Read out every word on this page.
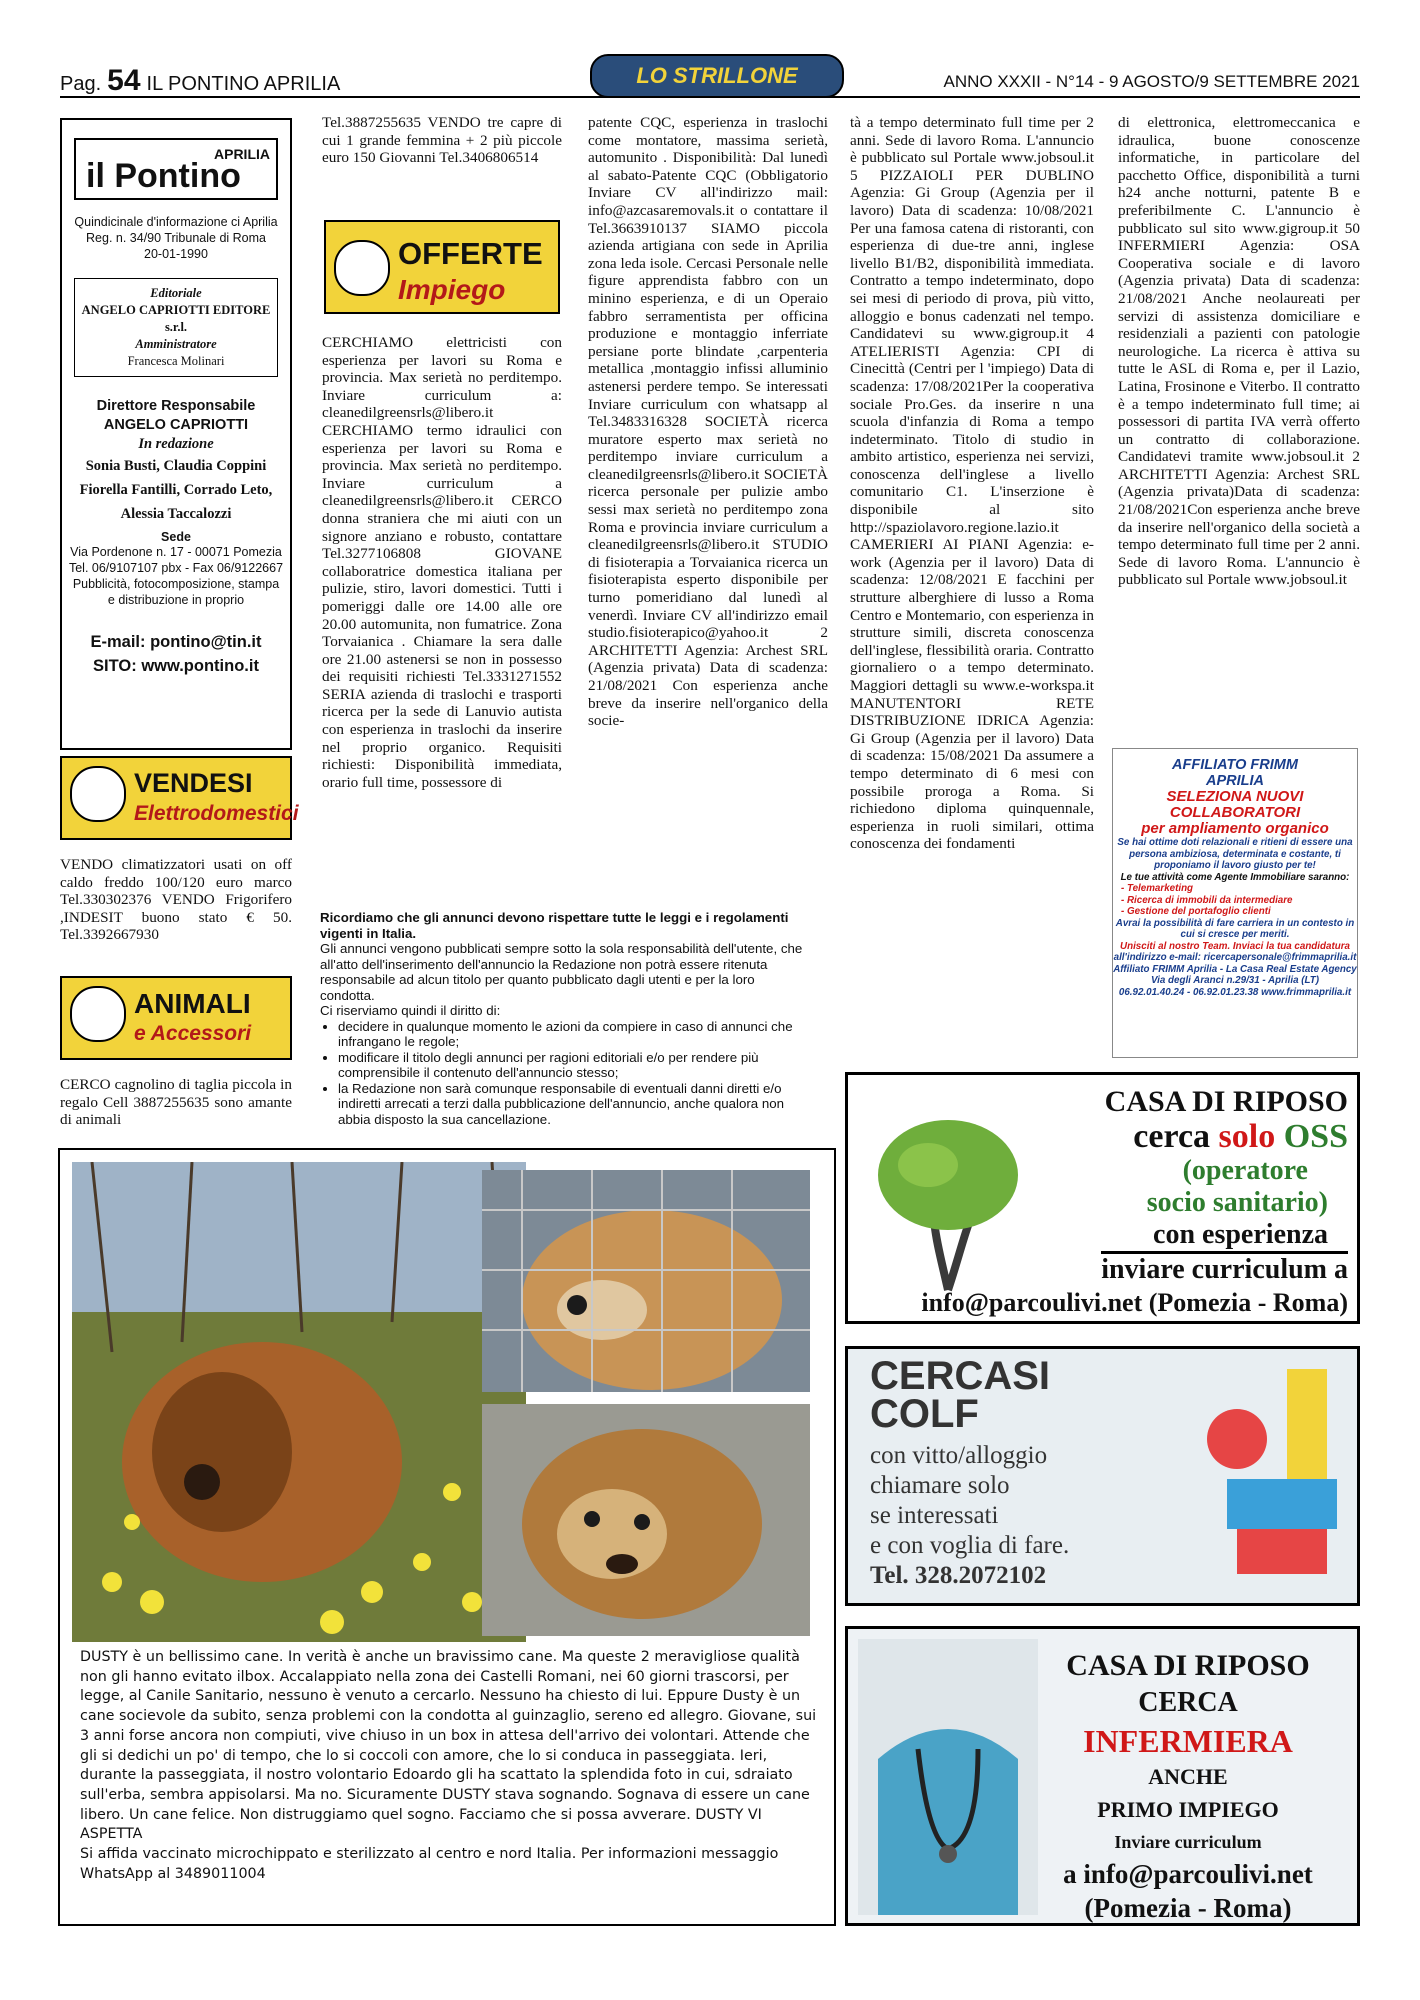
Pag. 54 IL PONTINO APRILIA	LO STRILLONE	ANNO XXXII - N°14 - 9 AGOSTO/9 SETTEMBRE 2021
APRILIA
il Pontino
Quindicinale d'informazione ci Aprilia
Reg. n. 34/90 Tribunale di Roma
20-01-1990
Editoriale
ANGELO CAPRIOTTI EDITORE s.r.l.
Amministratore
Francesca Molinari
Direttore Responsabile
ANGELO CAPRIOTTI
In redazione
Sonia Busti, Claudia Coppini
Fiorella Fantilli, Corrado Leto,
Alessia Taccalozzi
Sede
Via Pordenone n. 17 - 00071 Pomezia
Tel. 06/9107107 pbx - Fax 06/9122667
Pubblicità, fotocomposizione, stampa
e distribuzione in proprio
E-mail: pontino@tin.it
SITO: www.pontino.it
VENDESI
Elettrodomestici

VENDO climatizzatori usati on off caldo freddo 100/120 euro marco Tel.330302376 VENDO Frigorifero ,INDESIT buono stato € 50. Tel.3392667930

ANIMALI
e Accessori

CERCO cagnolino di taglia piccola in regalo Cell 3887255635 sono amante di animali

Tel.3887255635 VENDO tre capre di cui 1 grande femmina + 2 più piccole euro 150 Giovanni Tel.3406806514

OFFERTE
Impiego

CERCHIAMO elettricisti con esperienza per lavori su Roma e provincia. Max serietà no perditempo. Inviare curriculum a: cleanedilgreensrls@libero.it CERCHIAMO termo idraulici con esperienza per lavori su Roma e provincia. Max serietà no perditempo. Inviare curriculum a cleanedilgreensrls@libero.it CERCO donna straniera che mi aiuti con un signore anziano e robusto, contattare Tel.3277106808 GIOVANE collaboratrice domestica italiana per pulizie, stiro, lavori domestici. Tutti i pomeriggi dalle ore 14.00 alle ore 20.00 automunita, non fumatrice. Zona Torvaianica . Chiamare la sera dalle ore 21.00 astenersi se non in possesso dei requisiti richiesti Tel.3331271552 SERIA azienda di traslochi e trasporti ricerca per la sede di Lanuvio autista con esperienza in traslochi da inserire nel proprio organico. Requisiti richiesti: Disponibilità immediata, orario full time, possessore di

patente CQC, esperienza in traslochi come montatore, massima serietà, automunito . Disponibilità: Dal lunedì al sabato-Patente CQC (Obbligatorio Inviare CV all'indirizzo mail: info@azcasaremovals.it o contattare il Tel.3663910137 SIAMO piccola azienda artigiana con sede in Aprilia zona leda isole. Cercasi Personale nelle figure apprendista fabbro con un minino esperienza, e di un Operaio fabbro serramentista per officina produzione e montaggio inferriate persiane porte blindate ,carpenteria metallica ,montaggio infissi alluminio astenersi perdere tempo. Se interessati Inviare curriculum con whatsapp al Tel.3483316328 SOCIETÀ ricerca muratore esperto max serietà no perditempo inviare curriculum a cleanedilgreensrls@libero.it SOCIETÀ ricerca personale per pulizie ambo sessi max serietà no perditempo zona Roma e provincia inviare curriculum a cleanedilgreensrls@libero.it STUDIO di fisioterapia a Torvaianica ricerca un fisioterapista esperto disponibile per turno pomeridiano dal lunedì al venerdì. Inviare CV all'indirizzo email studio.fisioterapico@yahoo.it 2 ARCHITETTI Agenzia: Archest SRL (Agenzia privata) Data di scadenza: 21/08/2021 Con esperienza anche breve da inserire nell'organico della socie-

tà a tempo determinato full time per 2 anni. Sede di lavoro Roma. L'annuncio è pubblicato sul Portale www.jobsoul.it 5 PIZZAIOLI PER DUBLINO Agenzia: Gi Group (Agenzia per il lavoro) Data di scadenza: 10/08/2021 Per una famosa catena di ristoranti, con esperienza di due-tre anni, inglese livello B1/B2, disponibilità immediata. Contratto a tempo indeterminato, dopo sei mesi di periodo di prova, più vitto, alloggio e bonus cadenzati nel tempo. Candidatevi su www.gigroup.it 4 ATELIERISTI Agenzia: CPI di Cinecittà (Centri per l 'impiego) Data di scadenza: 17/08/2021Per la cooperativa sociale Pro.Ges. da inserire n una scuola d'infanzia di Roma a tempo indeterminato. Titolo di studio in ambito artistico, esperienza nei servizi, conoscenza dell'inglese a livello comunitario C1. L'inserzione è disponibile al sito http://spaziolavoro.regione.lazio.it CAMERIERI AI PIANI Agenzia: e-work (Agenzia per il lavoro) Data di scadenza: 12/08/2021 E facchini per strutture alberghiere di lusso a Roma Centro e Montemario, con esperienza in strutture simili, discreta conoscenza dell'inglese, flessibilità oraria. Contratto giornaliero o a tempo determinato. Maggiori dettagli su www.e-workspa.it MANUTENTORI RETE DISTRIBUZIONE IDRICA Agenzia: Gi Group (Agenzia per il lavoro) Data di scadenza: 15/08/2021 Da assumere a tempo determinato di 6 mesi con possibile proroga a Roma. Si richiedono diploma quinquennale, esperienza in ruoli similari, ottima conoscenza dei fondamenti

di elettronica, elettromeccanica e idraulica, buone conoscenze informatiche, in particolare del pacchetto Office, disponibilità a turni h24 anche notturni, patente B e preferibilmente C. L'annuncio è pubblicato sul sito www.gigroup.it 50 INFERMIERI Agenzia: OSA Cooperativa sociale e di lavoro (Agenzia privata) Data di scadenza: 21/08/2021 Anche neolaureati per servizi di assistenza domiciliare e residenziali a pazienti con patologie neurologiche. La ricerca è attiva su tutte le ASL di Roma e, per il Lazio, Latina, Frosinone e Viterbo. Il contratto è a tempo indeterminato full time; ai possessori di partita IVA verrà offerto un contratto di collaborazione. Candidatevi tramite www.jobsoul.it 2 ARCHITETTI Agenzia: Archest SRL (Agenzia privata)Data di scadenza: 21/08/2021Con esperienza anche breve da inserire nell'organico della società a tempo determinato full time per 2 anni. Sede di lavoro Roma. L'annuncio è pubblicato sul Portale www.jobsoul.it

Ricordiamo che gli annunci devono rispettare tutte le leggi e i regolamenti vigenti in Italia.
Gli annunci vengono pubblicati sempre sotto la sola responsabilità dell'utente, che all'atto dell'inserimento dell'annuncio la Redazione non potrà essere ritenuta responsabile ad alcun titolo per quanto pubblicato dagli utenti e per la loro condotta.
Ci riserviamo quindi il diritto di:
• decidere in qualunque momento le azioni da compiere in caso di annunci che infrangano le regole;
• modificare il titolo degli annunci per ragioni editoriali e/o per rendere più comprensibile il contenuto dell'annuncio stesso;
• la Redazione non sarà comunque responsabile di eventuali danni diretti e/o indiretti arrecati a terzi dalla pubblicazione dell'annuncio, anche qualora non abbia disposto la sua cancellazione.
AFFILIATO FRIMM
APRILIA
SELEZIONA NUOVI
COLLABORATORI
per ampliamento organico
Se hai ottime doti relazionali e ritieni di essere una persona ambiziosa, determinata e costante, ti proponiamo il lavoro giusto per te!
Le tue attività come Agente Immobiliare saranno:
- Telemarketing
- Ricerca di immobili da intermediare
- Gestione del portafoglio clienti
Avrai la possibilità di fare carriera in un contesto in cui si cresce per meriti.
Unisciti al nostro Team. Inviaci la tua candidatura
all'indirizzo e-mail: ricercapersonale@frimmaprilia.it
Affiliato FRIMM Aprilia - La Casa Real Estate Agency
Via degli Aranci n.29/31 - Aprilia (LT)
06.92.01.40.24 - 06.92.01.23.38 www.frimmaprilia.it
DUSTY è un bellissimo cane. In verità è anche un bravissimo cane. Ma queste 2 meravigliose qualità non gli hanno evitato ilbox. Accalappiato nella zona dei Castelli Romani, nei 60 giorni trascorsi, per legge, al Canile Sanitario, nessuno è venuto a cercarlo. Nessuno ha chiesto di lui. Eppure Dusty è un cane socievole da subito, senza problemi con la condotta al guinzaglio, sereno ed allegro. Giovane, sui 3 anni forse ancora non compiuti, vive chiuso in un box in attesa dell'arrivo dei volontari. Attende che gli si dedichi un po' di tempo, che lo si coccoli con amore, che lo si conduca in passeggiata. Ieri, durante la passeggiata, il nostro volontario Edoardo gli ha scattato la splendida foto in cui, sdraiato sull'erba, sembra appisolarsi. Ma no. Sicuramente DUSTY stava sognando. Sognava di essere un cane libero. Un cane felice. Non distruggiamo quel sogno. Facciamo che si possa avverare. DUSTY VI ASPETTA
Si affida vaccinato microchippato e sterilizzato al centro e nord Italia. Per informazioni messaggio WhatsApp al 3489011004
CASA DI RIPOSO
cerca solo OSS
(operatore
socio sanitario)
con esperienza
inviare curriculum a
info@parcoulivi.net (Pomezia - Roma)
CERCASI
COLF
con vitto/alloggio
chiamare solo
se interessati
e con voglia di fare.
Tel. 328.2072102
CASA DI RIPOSO
CERCA
INFERMIERA
ANCHE
PRIMO IMPIEGO
Inviare curriculum
a info@parcoulivi.net
(Pomezia - Roma)
